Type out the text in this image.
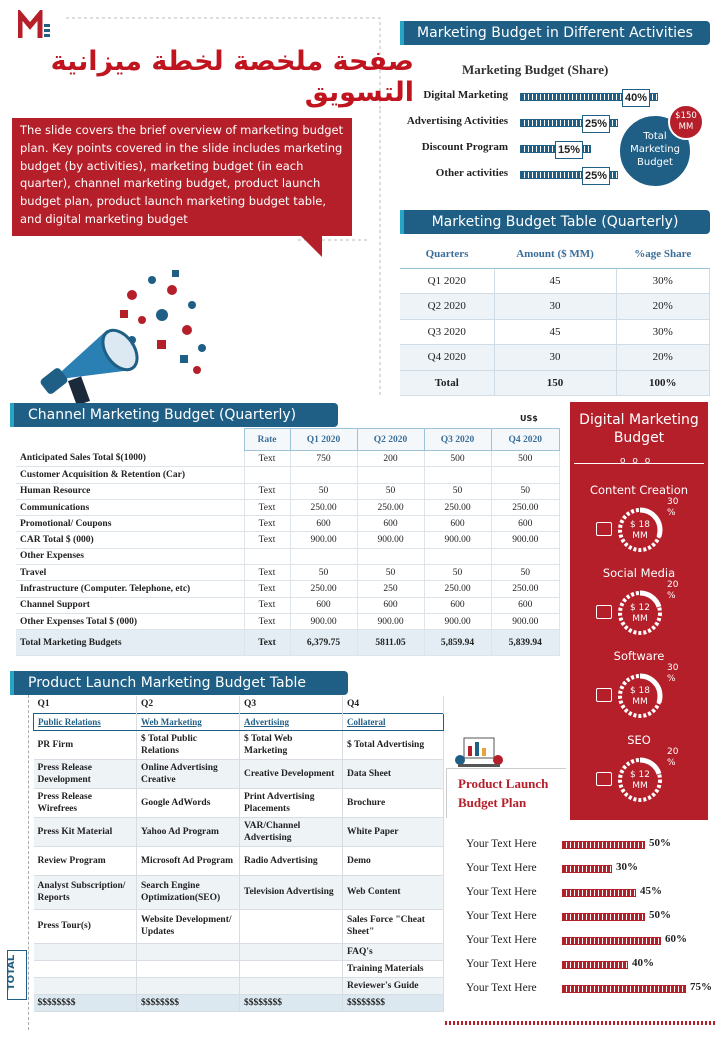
صفحة ملخصة لخطة ميزانية التسويق
The slide covers the brief overview of marketing budget plan. Key points covered in the slide includes marketing budget (by activities), marketing budget (in each quarter), channel marketing budget, product launch budget plan, product launch marketing budget table, and digital marketing budget
Marketing Budget in Different Activities
Marketing Budget (Share)
Digital Marketing	40%
Advertising Activities	25%
Discount Program	15%
Other activities	25%
Total Marketing Budget
$150 MM
Marketing Budget Table (Quarterly)
Quarters	Amount ($ MM)	%age Share
Q1 2020	45	30%
Q2 2020	30	20%
Q3 2020	45	30%
Q4 2020	30	20%
Total	150	100%
Channel Marketing Budget (Quarterly)	US$
	Rate	Q1 2020	Q2 2020	Q3 2020	Q4 2020
Anticipated Sales Total $(1000)	Text	750	200	500	500
Customer Acquisition & Retention (Car)					
Human Resource	Text	50	50	50	50
Communications	Text	250.00	250.00	250.00	250.00
Promotional/ Coupons	Text	600	600	600	600
CAR Total $ (000)	Text	900.00	900.00	900.00	900.00
Other Expenses					
Travel	Text	50	50	50	50
Infrastructure (Computer. Telephone, etc)	Text	250.00	250	250.00	250.00
Channel Support	Text	600	600	600	600
Other Expenses Total $ (000)	Text	900.00	900.00	900.00	900.00
Total Marketing Budgets	Text	6,379.75	5811.05	5,859.94	5,839.94
Digital Marketing Budget
o o o
Content Creation
$ 18 MM
30 %
Social Media
$ 12 MM
20 %
Software
$ 18 MM
30 %
SEO
$ 12 MM
20 %
Product Launch Marketing Budget Table
Q1	Q2	Q3	Q4
Public Relations	Web Marketing	Advertising	Collateral
PR Firm	$ Total Public Relations	$ Total Web Marketing	$ Total Advertising
Press Release Development	Online Advertising Creative	Creative Development	Data Sheet
Press Release Wirefrees	Google AdWords	Print Advertising Placements	Brochure
Press Kit Material	Yahoo Ad Program	VAR/Channel Advertising	White Paper
Review Program	Microsoft Ad Program	Radio Advertising	Demo
Analyst Subscription/ Reports	Search Engine Optimization(SEO)	Television Advertising	Web Content
Press Tour(s)	Website Development/ Updates		Sales Force "Cheat Sheet"
			FAQ's
			Training Materials
			Reviewer's Guide
$$$$$$$$	$$$$$$$$	$$$$$$$$	$$$$$$$$
TOTAL
Product Launch Budget Plan
Your Text Here	50%
Your Text Here	30%
Your Text Here	45%
Your Text Here	50%
Your Text Here	60%
Your Text Here	40%
Your Text Here	75%
